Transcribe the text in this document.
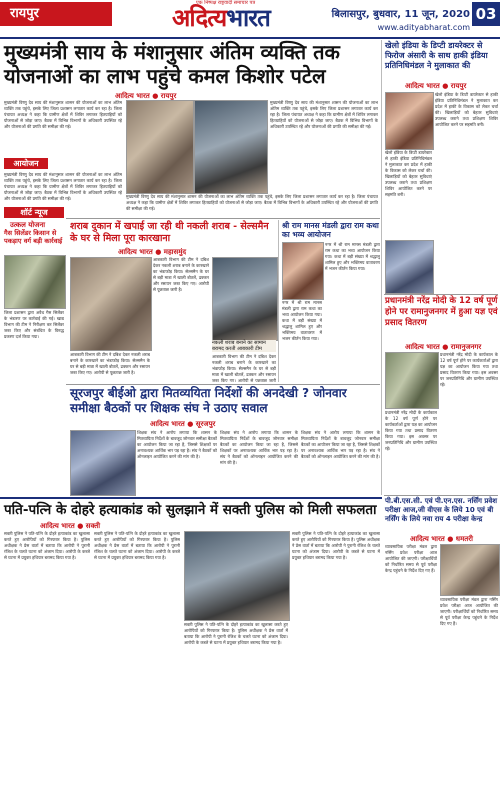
रायपुर
एक निष्पक्ष राष्ट्रवादी समाचार पत्र
अदित्यभारत	बिलासपुर, बुधवार, 11 जून, 2020
www.adityabharat.com
03
मुख्यमंत्री साय के मंशानुसार अंतिम व्यक्ति तक योजनाओं का लाभ पहुंचे कमल किशोर पटेल
आदित्य भारत ● रायपुर
मुख्यमंत्री विष्णु देव साय की मंशानुसार शासन की योजनाओं का लाभ अंतिम व्यक्ति तक पहुंचे, इसके लिए जिला प्रशासन लगातार कार्य कर रहा है। जिला पंचायत अध्यक्ष ने कहा कि ग्रामीण क्षेत्रों में शिविर लगाकर हितग्राहियों को योजनाओं से जोड़ा जाए। बैठक में विभिन्न विभागों के अधिकारी उपस्थित रहे और योजनाओं की प्रगति की समीक्षा की गई।
मुख्यमंत्री विष्णु देव साय की मंशानुसार शासन की योजनाओं का लाभ अंतिम व्यक्ति तक पहुंचे, इसके लिए जिला प्रशासन लगातार कार्य कर रहा है। जिला पंचायत अध्यक्ष ने कहा कि ग्रामीण क्षेत्रों में शिविर लगाकर हितग्राहियों को योजनाओं से जोड़ा जाए। बैठक में विभिन्न विभागों के अधिकारी उपस्थित रहे और योजनाओं की प्रगति की समीक्षा की गई।
आयोजन
मुख्यमंत्री विष्णु देव साय की मंशानुसार शासन की योजनाओं का लाभ अंतिम व्यक्ति तक पहुंचे, इसके लिए जिला प्रशासन लगातार कार्य कर रहा है। जिला पंचायत अध्यक्ष ने कहा कि ग्रामीण क्षेत्रों में शिविर लगाकर हितग्राहियों को योजनाओं से जोड़ा जाए। बैठक में विभिन्न विभागों के अधिकारी उपस्थित रहे और योजनाओं की प्रगति की समीक्षा की गई।	मुख्यमंत्री विष्णु देव साय की मंशानुसार शासन की योजनाओं का लाभ अंतिम व्यक्ति तक पहुंचे, इसके लिए जिला प्रशासन लगातार कार्य कर रहा है। जिला पंचायत अध्यक्ष ने कहा कि ग्रामीण क्षेत्रों में शिविर लगाकर हितग्राहियों को योजनाओं से जोड़ा जाए। बैठक में विभिन्न विभागों के अधिकारी उपस्थित रहे और योजनाओं की प्रगति की समीक्षा की गई।
शॉर्ट न्यूज
उत्कल योजना
गैस सिलेंडर किसान से पकड़ाए वर्ग बड़ी कार्रवाई
जिला प्रशासन द्वारा अवैध गैस सिलेंडर के भंडारण पर कार्रवाई की गई। खाद्य विभाग की टीम ने निरीक्षण कर सिलेंडर जब्त किए और संबंधित के विरुद्ध प्रकरण दर्ज किया गया।
खेलो इंडिया के डिप्टी डायरेक्टर से फिरोज अंसारी के साथ हाकी इंडिया प्रतिनिधिमंडल ने मुलाकात की
आदित्य भारत ● रायपुर
खेलो इंडिया के डिप्टी डायरेक्टर से हाकी इंडिया प्रतिनिधिमंडल ने मुलाकात कर प्रदेश में हाकी के विकास को लेकर चर्चा की। खिलाड़ियों को बेहतर सुविधाएं उपलब्ध कराने तथा प्रशिक्षण शिविर आयोजित करने पर सहमति बनी।
खेलो इंडिया के डिप्टी डायरेक्टर से हाकी इंडिया प्रतिनिधिमंडल ने मुलाकात कर प्रदेश में हाकी के विकास को लेकर चर्चा की। खिलाड़ियों को बेहतर सुविधाएं उपलब्ध कराने तथा प्रशिक्षण शिविर आयोजित करने पर सहमति बनी।
शराब दुकान में खपाई जा रही थी नकली शराब - सेल्समैन के घर से मिला पूरा कारखाना
आदित्य भारत ● महासमुंद
आबकारी विभाग की टीम ने दबिश देकर नकली शराब बनाने के कारखाने का भंडाफोड़ किया। सेल्समैन के घर से बड़ी मात्रा में खाली बोतलें, ढक्कन और रसायन जब्त किए गए। आरोपी से पूछताछ जारी है।
नकली शराब बनाने का सामान बरामद करती आबकारी टीम
आबकारी विभाग की टीम ने दबिश देकर नकली शराब बनाने के कारखाने का भंडाफोड़ किया। सेल्समैन के घर से बड़ी मात्रा में खाली बोतलें, ढक्कन और रसायन जब्त किए गए। आरोपी से पूछताछ जारी है।
आबकारी विभाग की टीम ने दबिश देकर नकली शराब बनाने के कारखाने का भंडाफोड़ किया। सेल्समैन के घर से बड़ी मात्रा में खाली बोतलें, ढक्कन और रसायन जब्त किए गए। आरोपी से पूछताछ जारी
श्री राम मानस मंडली द्वारा राम कथा का भव्य आयोजन
नगर में श्री राम मानस मंडली द्वारा राम कथा का भव्य आयोजन किया गया। कथा में बड़ी संख्या में श्रद्धालु शामिल हुए और भक्तिमय वातावरण में भजन कीर्तन किया गया।
नगर में श्री राम मानस मंडली द्वारा राम कथा का भव्य आयोजन किया गया। कथा में बड़ी संख्या में श्रद्धालु शामिल हुए और भक्तिमय वातावरण में भजन कीर्तन किया गया।
प्रधानमंत्री नरेंद्र मोदी के 12 वर्ष पूर्ण होने पर रामानुजनगर में हुआ यज्ञ एवं प्रसाद वितरण
आदित्य भारत ● रामानुजनगर
प्रधानमंत्री नरेंद्र मोदी के कार्यकाल के 12 वर्ष पूर्ण होने पर कार्यकर्ताओं द्वारा यज्ञ का आयोजन किया गया तथा प्रसाद वितरण किया गया। इस अवसर पर जनप्रतिनिधि और ग्रामीण उपस्थित रहे।
प्रधानमंत्री नरेंद्र मोदी के कार्यकाल के 12 वर्ष पूर्ण होने पर कार्यकर्ताओं द्वारा यज्ञ का आयोजन किया गया तथा प्रसाद वितरण किया गया। इस अवसर पर जनप्रतिनिधि और ग्रामीण उपस्थित रहे।
सूरजपुर बीईओ द्वारा मितव्ययिता निर्देशों की अनदेखी ? जोनवार समीक्षा बैठकों पर शिक्षक संघ ने उठाए सवाल
आदित्य भारत ● सूरजपुर
शिक्षक संघ ने आरोप लगाया कि शासन के मितव्ययिता निर्देशों के बावजूद जोनवार समीक्षा बैठकों का आयोजन किया जा रहा है, जिससे शिक्षकों पर अनावश्यक आर्थिक भार पड़ रहा है। संघ ने बैठकों को ऑनलाइन आयोजित करने की मांग की है।
शिक्षक संघ ने आरोप लगाया कि शासन के मितव्ययिता निर्देशों के बावजूद जोनवार समीक्षा बैठकों का आयोजन किया जा रहा है, जिससे शिक्षकों पर अनावश्यक आर्थिक भार पड़ रहा है। संघ ने बैठकों को ऑनलाइन आयोजित करने की मांग की है।
शिक्षक संघ ने आरोप लगाया कि शासन के मितव्ययिता निर्देशों के बावजूद जोनवार समीक्षा बैठकों का आयोजन किया जा रहा है, जिससे शिक्षकों पर अनावश्यक आर्थिक भार पड़ रहा है। संघ ने बैठकों को ऑनलाइन आयोजित करने की मांग की है।
पी.बी.एस.सी. एवं पी.एन.एस. नर्सिंग प्रवेश परीक्षा आज,जी वीएस के लिये 10 एवं बी नर्सिंग के लिये नवा राय 4 परीक्षा केन्द्र
आदित्य भारत ● धमतरी
व्यावसायिक परीक्षा मंडल द्वारा नर्सिंग प्रवेश परीक्षा आज आयोजित की जाएगी। परीक्षार्थियों को निर्धारित समय से पूर्व परीक्षा केन्द्र पहुंचने के निर्देश दिए गए हैं।
व्यावसायिक परीक्षा मंडल द्वारा नर्सिंग प्रवेश परीक्षा आज आयोजित की जाएगी। परीक्षार्थियों को निर्धारित समय से पूर्व परीक्षा केन्द्र पहुंचने के निर्देश दिए गए हैं।
पति-पत्नि के दोहरे हत्याकांड को सुलझाने में सक्ती पुलिस को मिली सफलता
आदित्य भारत ● सक्ती
सक्ती पुलिस ने पति-पत्नि के दोहरे हत्याकांड का खुलासा करते हुए आरोपियों को गिरफ्तार किया है। पुलिस अधीक्षक ने प्रेस वार्ता में बताया कि आरोपी ने पुरानी रंजिश के चलते घटना को अंजाम दिया। आरोपी के कब्जे से घटना में प्रयुक्त हथियार बरामद किया गया है।
सक्ती पुलिस ने पति-पत्नि के दोहरे हत्याकांड का खुलासा करते हुए आरोपियों को गिरफ्तार किया है। पुलिस अधीक्षक ने प्रेस वार्ता में बताया कि आरोपी ने पुरानी रंजिश के चलते घटना को अंजाम दिया। आरोपी के कब्जे से घटना में प्रयुक्त हथियार बरामद किया गया है।
सक्ती पुलिस ने पति-पत्नि के दोहरे हत्याकांड का खुलासा करते हुए आरोपियों को गिरफ्तार किया है। पुलिस अधीक्षक ने प्रेस वार्ता में बताया कि आरोपी ने पुरानी रंजिश के चलते घटना को अंजाम दिया। आरोपी के कब्जे से घटना में प्रयुक्त हथियार बरामद किया गया है।
सक्ती पुलिस ने पति-पत्नि के दोहरे हत्याकांड का खुलासा करते हुए आरोपियों को गिरफ्तार किया है। पुलिस अधीक्षक ने प्रेस वार्ता में बताया कि आरोपी ने पुरानी रंजिश के चलते घटना को अंजाम दिया। आरोपी के कब्जे से घटना में प्रयुक्त हथियार बरामद किया गया है।
